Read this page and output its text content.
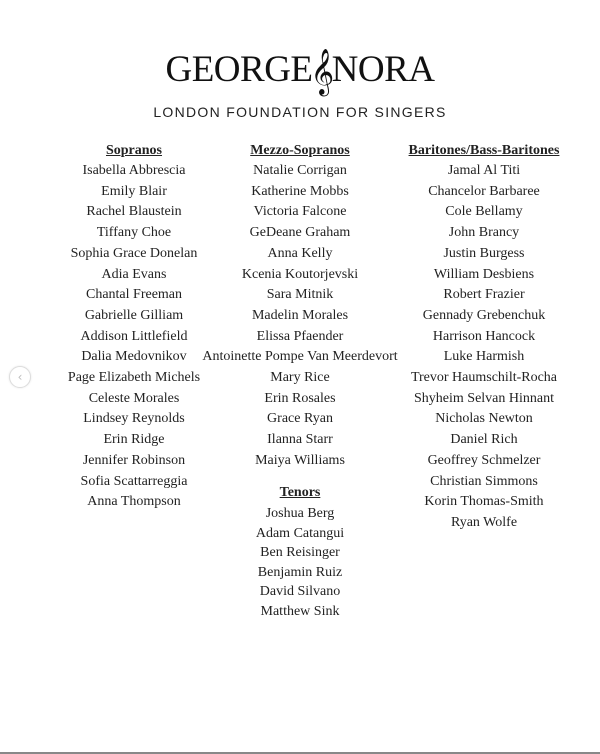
GEORGE𝄞NORA
LONDON FOUNDATION FOR SINGERS
Sopranos
Isabella Abbrescia
Emily Blair
Rachel Blaustein
Tiffany Choe
Sophia Grace Donelan
Adia Evans
Chantal Freeman
Gabrielle Gilliam
Addison Littlefield
Dalia Medovnikov
Page Elizabeth Michels
Celeste Morales
Lindsey Reynolds
Erin Ridge
Jennifer Robinson
Sofia Scattarreggia
Anna Thompson
Mezzo-Sopranos
Natalie Corrigan
Katherine Mobbs
Victoria Falcone
GeDeane Graham
Anna Kelly
Kcenia Koutorjevski
Sara Mitnik
Madelin Morales
Elissa Pfaender
Antoinette Pompe Van Meerdevort
Mary Rice
Erin Rosales
Grace Ryan
Ilanna Starr
Maiya Williams
Baritones/Bass-Baritones
Jamal Al Titi
Chancelor Barbaree
Cole Bellamy
John Brancy
Justin Burgess
William Desbiens
Robert Frazier
Gennady Grebenchuk
Harrison Hancock
Luke Harmish
Trevor Haumschilt-Rocha
Shyheim Selvan Hinnant
Nicholas Newton
Daniel Rich
Geoffrey Schmelzer
Christian Simmons
Korin Thomas-Smith
Ryan Wolfe
Tenors
Joshua Berg
Adam Catangui
Ben Reisinger
Benjamin Ruiz
David Silvano
Matthew Sink
‹
